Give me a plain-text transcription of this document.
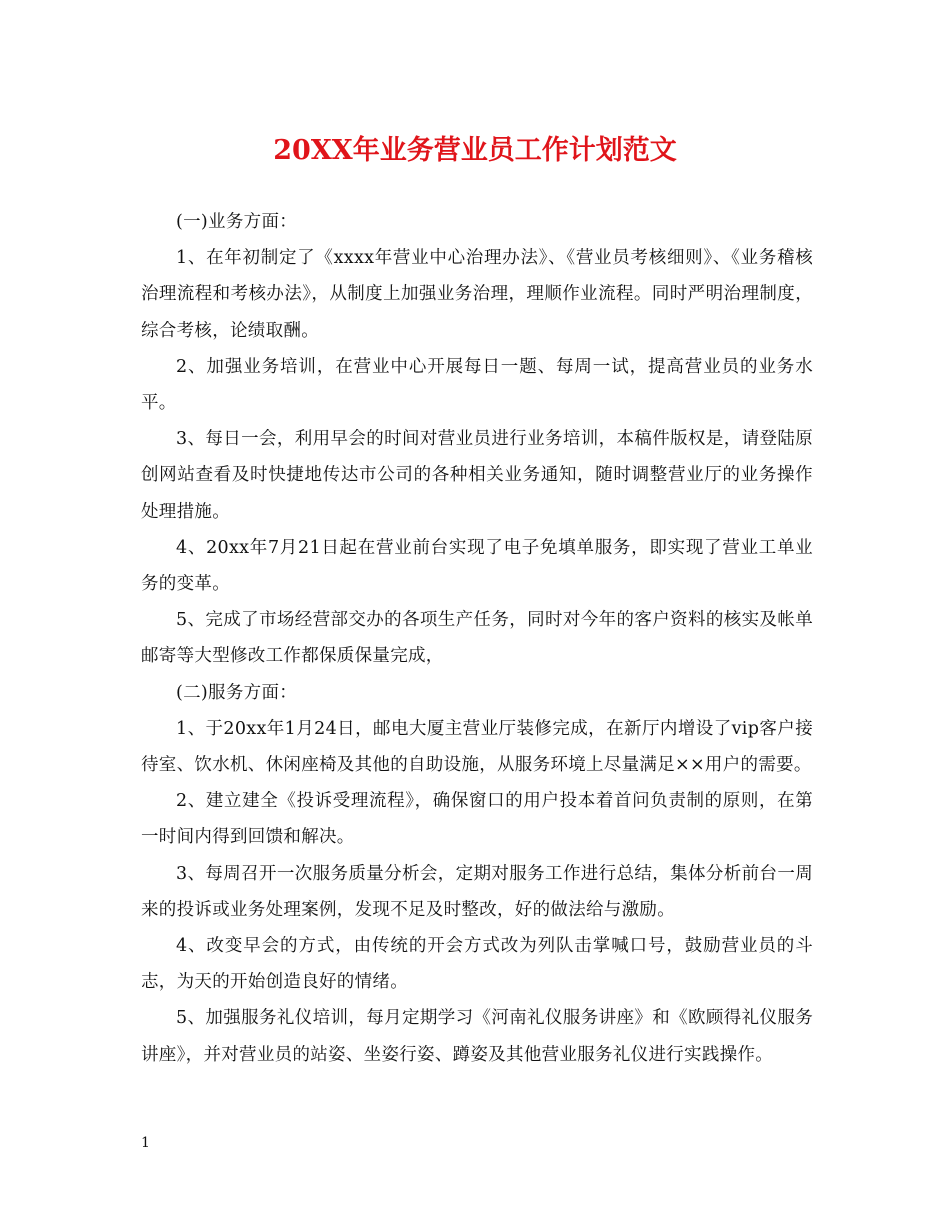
20XX年业务营业员工作计划范文

(一)业务方面：

1、在年初制定了《xxxx年营业中心治理办法》、《营业员考核细则》、《业务稽核治理流程和考核办法》，从制度上加强业务治理，理顺作业流程。同时严明治理制度，综合考核，论绩取酬。

2、加强业务培训，在营业中心开展每日一题、每周一试，提高营业员的业务水平。

3、每日一会，利用早会的时间对营业员进行业务培训，本稿件版权是，请登陆原创网站查看及时快捷地传达市公司的各种相关业务通知，随时调整营业厅的业务操作处理措施。

4、20xx年7月21日起在营业前台实现了电子免填单服务，即实现了营业工单业务的变革。

5、完成了市场经营部交办的各项生产任务，同时对今年的客户资料的核实及帐单邮寄等大型修改工作都保质保量完成，

(二)服务方面：

1、于20xx年1月24日，邮电大厦主营业厅装修完成，在新厅内增设了vip客户接待室、饮水机、休闲座椅及其他的自助设施，从服务环境上尽量满足××用户的需要。

2、建立建全《投诉受理流程》，确保窗口的用户投本着首问负责制的原则，在第一时间内得到回馈和解决。

3、每周召开一次服务质量分析会，定期对服务工作进行总结，集体分析前台一周来的投诉或业务处理案例，发现不足及时整改，好的做法给与激励。

4、改变早会的方式，由传统的开会方式改为列队击掌喊口号，鼓励营业员的斗志，为天的开始创造良好的情绪。

5、加强服务礼仪培训，每月定期学习《河南礼仪服务讲座》和《欧顾得礼仪服务讲座》，并对营业员的站姿、坐姿行姿、蹲姿及其他营业服务礼仪进行实践操作。

1
